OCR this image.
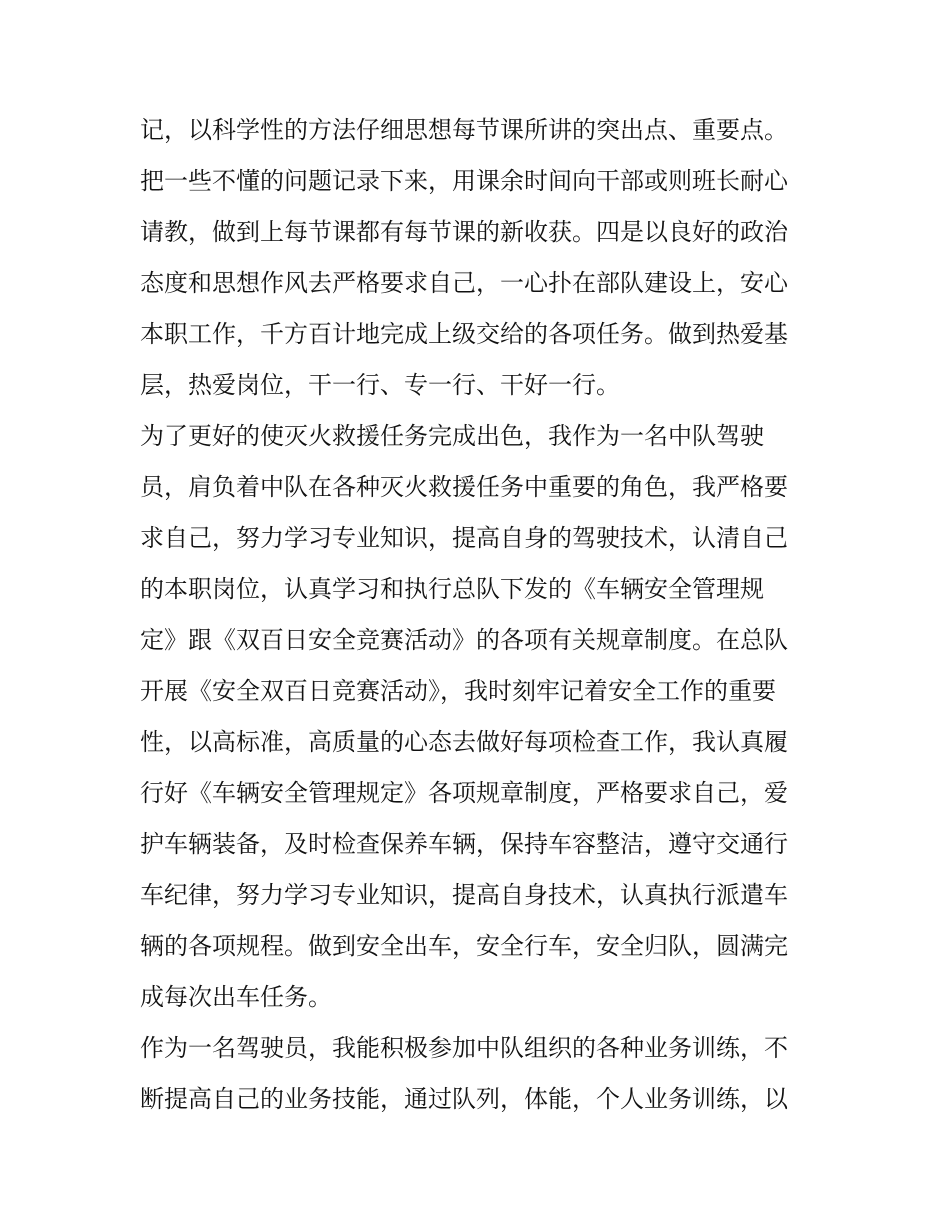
记，以科学性的方法仔细思想每节课所讲的突出点、重要点。
把一些不懂的问题记录下来，用课余时间向干部或则班长耐心
请教，做到上每节课都有每节课的新收获。四是以良好的政治
态度和思想作风去严格要求自己，一心扑在部队建设上，安心
本职工作，千方百计地完成上级交给的各项任务。做到热爱基
层，热爱岗位，干一行、专一行、干好一行。
为了更好的使灭火救援任务完成出色，我作为一名中队驾驶
员，肩负着中队在各种灭火救援任务中重要的角色，我严格要
求自己，努力学习专业知识，提高自身的驾驶技术，认清自己
的本职岗位，认真学习和执行总队下发的《车辆安全管理规
定》跟《双百日安全竞赛活动》的各项有关规章制度。在总队
开展《安全双百日竞赛活动》，我时刻牢记着安全工作的重要
性，以高标准，高质量的心态去做好每项检查工作，我认真履
行好《车辆安全管理规定》各项规章制度，严格要求自己，爱
护车辆装备，及时检查保养车辆，保持车容整洁，遵守交通行
车纪律，努力学习专业知识，提高自身技术，认真执行派遣车
辆的各项规程。做到安全出车，安全行车，安全归队，圆满完
成每次出车任务。
作为一名驾驶员，我能积极参加中队组织的各种业务训练，不
断提高自己的业务技能，通过队列，体能，个人业务训练，以
